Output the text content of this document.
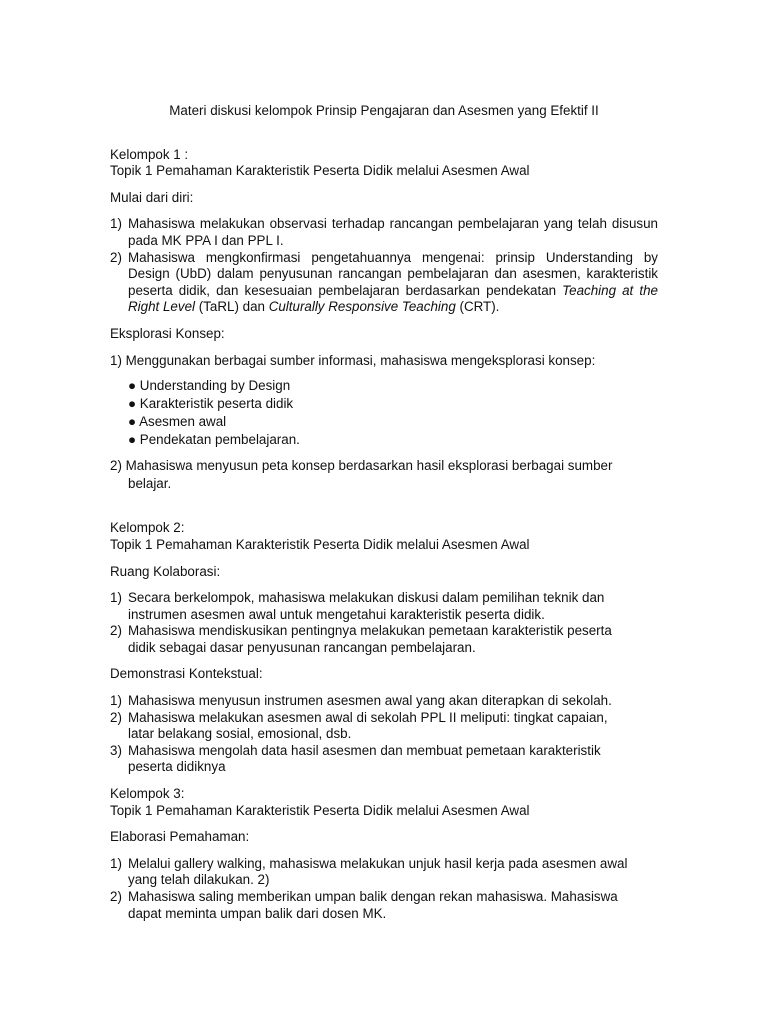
Materi diskusi kelompok Prinsip Pengajaran dan Asesmen yang Efektif II

Kelompok 1 :

Topik 1 Pemahaman Karakteristik Peserta Didik melalui Asesmen Awal

Mulai dari diri:

1) Mahasiswa melakukan observasi terhadap rancangan pembelajaran yang telah disusun pada MK PPA I dan PPL I.
2) Mahasiswa mengkonfirmasi pengetahuannya mengenai: prinsip Understanding by Design (UbD) dalam penyusunan rancangan pembelajaran dan asesmen, karakteristik peserta didik, dan kesesuaian pembelajaran berdasarkan pendekatan Teaching at the Right Level (TaRL) dan Culturally Responsive Teaching (CRT).

Eksplorasi Konsep:

1) Menggunakan berbagai sumber informasi, mahasiswa mengeksplorasi konsep:

● Understanding by Design
● Karakteristik peserta didik
● Asesmen awal
● Pendekatan pembelajaran.
2) Mahasiswa menyusun peta konsep berdasarkan hasil eksplorasi berbagai sumber
belajar.

Kelompok 2:

Topik 1 Pemahaman Karakteristik Peserta Didik melalui Asesmen Awal

Ruang Kolaborasi:

1) Secara berkelompok, mahasiswa melakukan diskusi dalam pemilihan teknik dan
instrumen asesmen awal untuk mengetahui karakteristik peserta didik.
2) Mahasiswa mendiskusikan pentingnya melakukan pemetaan karakteristik peserta
didik sebagai dasar penyusunan rancangan pembelajaran.

Demonstrasi Kontekstual:

1) Mahasiswa menyusun instrumen asesmen awal yang akan diterapkan di sekolah.
2) Mahasiswa melakukan asesmen awal di sekolah PPL II meliputi: tingkat capaian,
latar belakang sosial, emosional, dsb.
3) Mahasiswa mengolah data hasil asesmen dan membuat pemetaan karakteristik
peserta didiknya

Kelompok 3:

Topik 1 Pemahaman Karakteristik Peserta Didik melalui Asesmen Awal

Elaborasi Pemahaman:

1) Melalui gallery walking, mahasiswa melakukan unjuk hasil kerja pada asesmen awal
yang telah dilakukan. 2)
2) Mahasiswa saling memberikan umpan balik dengan rekan mahasiswa. Mahasiswa
dapat meminta umpan balik dari dosen MK.
